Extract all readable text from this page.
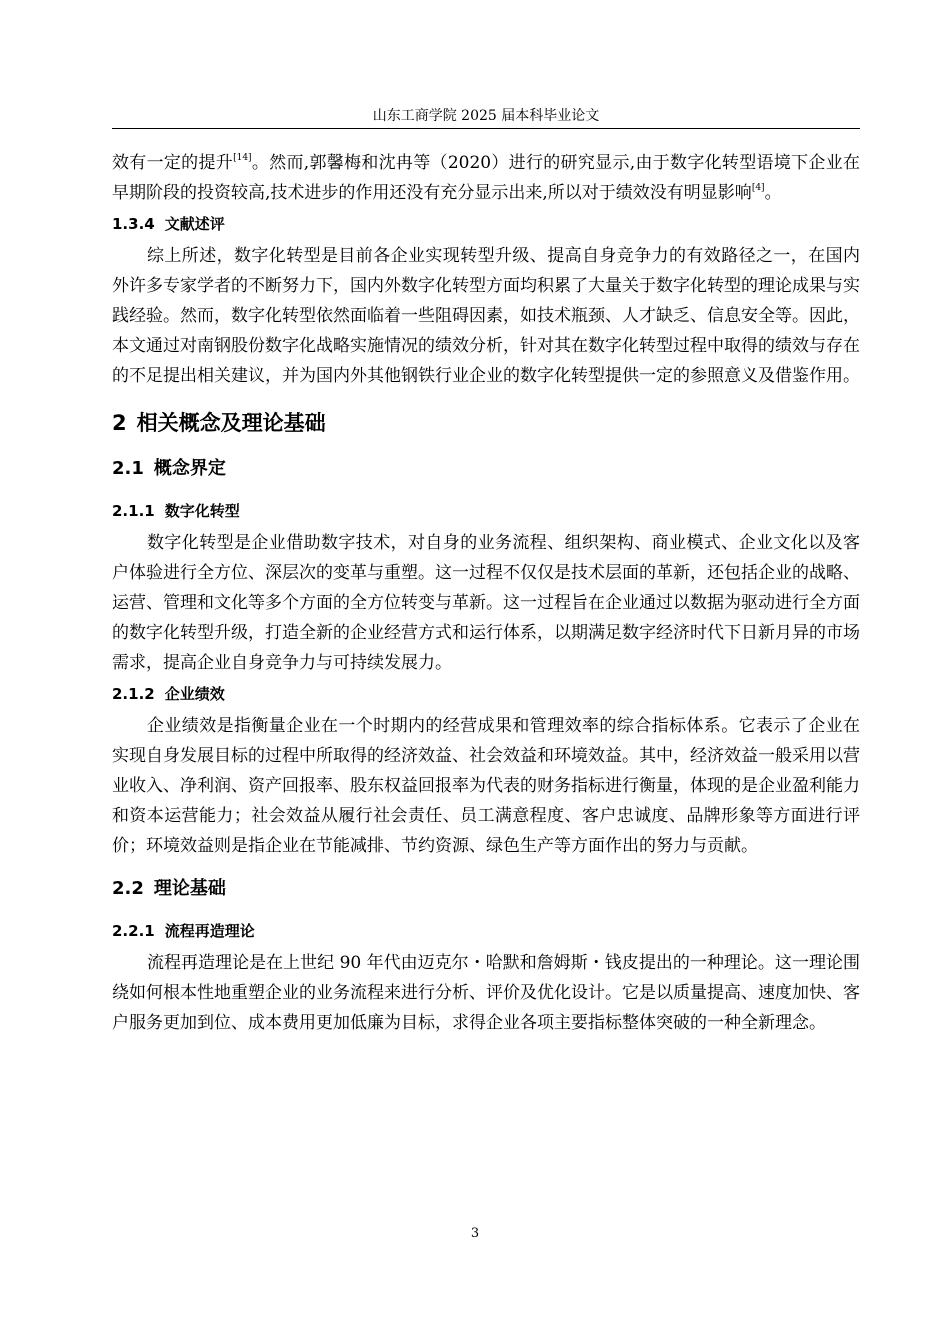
山东工商学院 2025 届本科毕业论文

效有一定的提升[14]。然而,郭馨梅和沈冉等（2020）进行的研究显示,由于数字化转型语境下企业在早期阶段的投资较高,技术进步的作用还没有充分显示出来,所以对于绩效没有明显影响[4]。

1.3.4 文献述评

综上所述，数字化转型是目前各企业实现转型升级、提高自身竞争力的有效路径之一，在国内外许多专家学者的不断努力下，国内外数字化转型方面均积累了大量关于数字化转型的理论成果与实践经验。然而，数字化转型依然面临着一些阻碍因素，如技术瓶颈、人才缺乏、信息安全等。因此，本文通过对南钢股份数字化战略实施情况的绩效分析，针对其在数字化转型过程中取得的绩效与存在的不足提出相关建议，并为国内外其他钢铁行业企业的数字化转型提供一定的参照意义及借鉴作用。

2 相关概念及理论基础
2.1 概念界定
2.1.1 数字化转型

数字化转型是企业借助数字技术，对自身的业务流程、组织架构、商业模式、企业文化以及客户体验进行全方位、深层次的变革与重塑。这一过程不仅仅是技术层面的革新，还包括企业的战略、运营、管理和文化等多个方面的全方位转变与革新。这一过程旨在企业通过以数据为驱动进行全方面的数字化转型升级，打造全新的企业经营方式和运行体系，以期满足数字经济时代下日新月异的市场需求，提高企业自身竞争力与可持续发展力。

2.1.2 企业绩效

企业绩效是指衡量企业在一个时期内的经营成果和管理效率的综合指标体系。它表示了企业在实现自身发展目标的过程中所取得的经济效益、社会效益和环境效益。其中，经济效益一般采用以营业收入、净利润、资产回报率、股东权益回报率为代表的财务指标进行衡量，体现的是企业盈利能力和资本运营能力；社会效益从履行社会责任、员工满意程度、客户忠诚度、品牌形象等方面进行评价；环境效益则是指企业在节能减排、节约资源、绿色生产等方面作出的努力与贡献。

2.2 理论基础
2.2.1 流程再造理论

流程再造理论是在上世纪 90 年代由迈克尔・哈默和詹姆斯・钱皮提出的一种理论。这一理论围绕如何根本性地重塑企业的业务流程来进行分析、评价及优化设计。它是以质量提高、速度加快、客户服务更加到位、成本费用更加低廉为目标，求得企业各项主要指标整体突破的一种全新理念。

3
